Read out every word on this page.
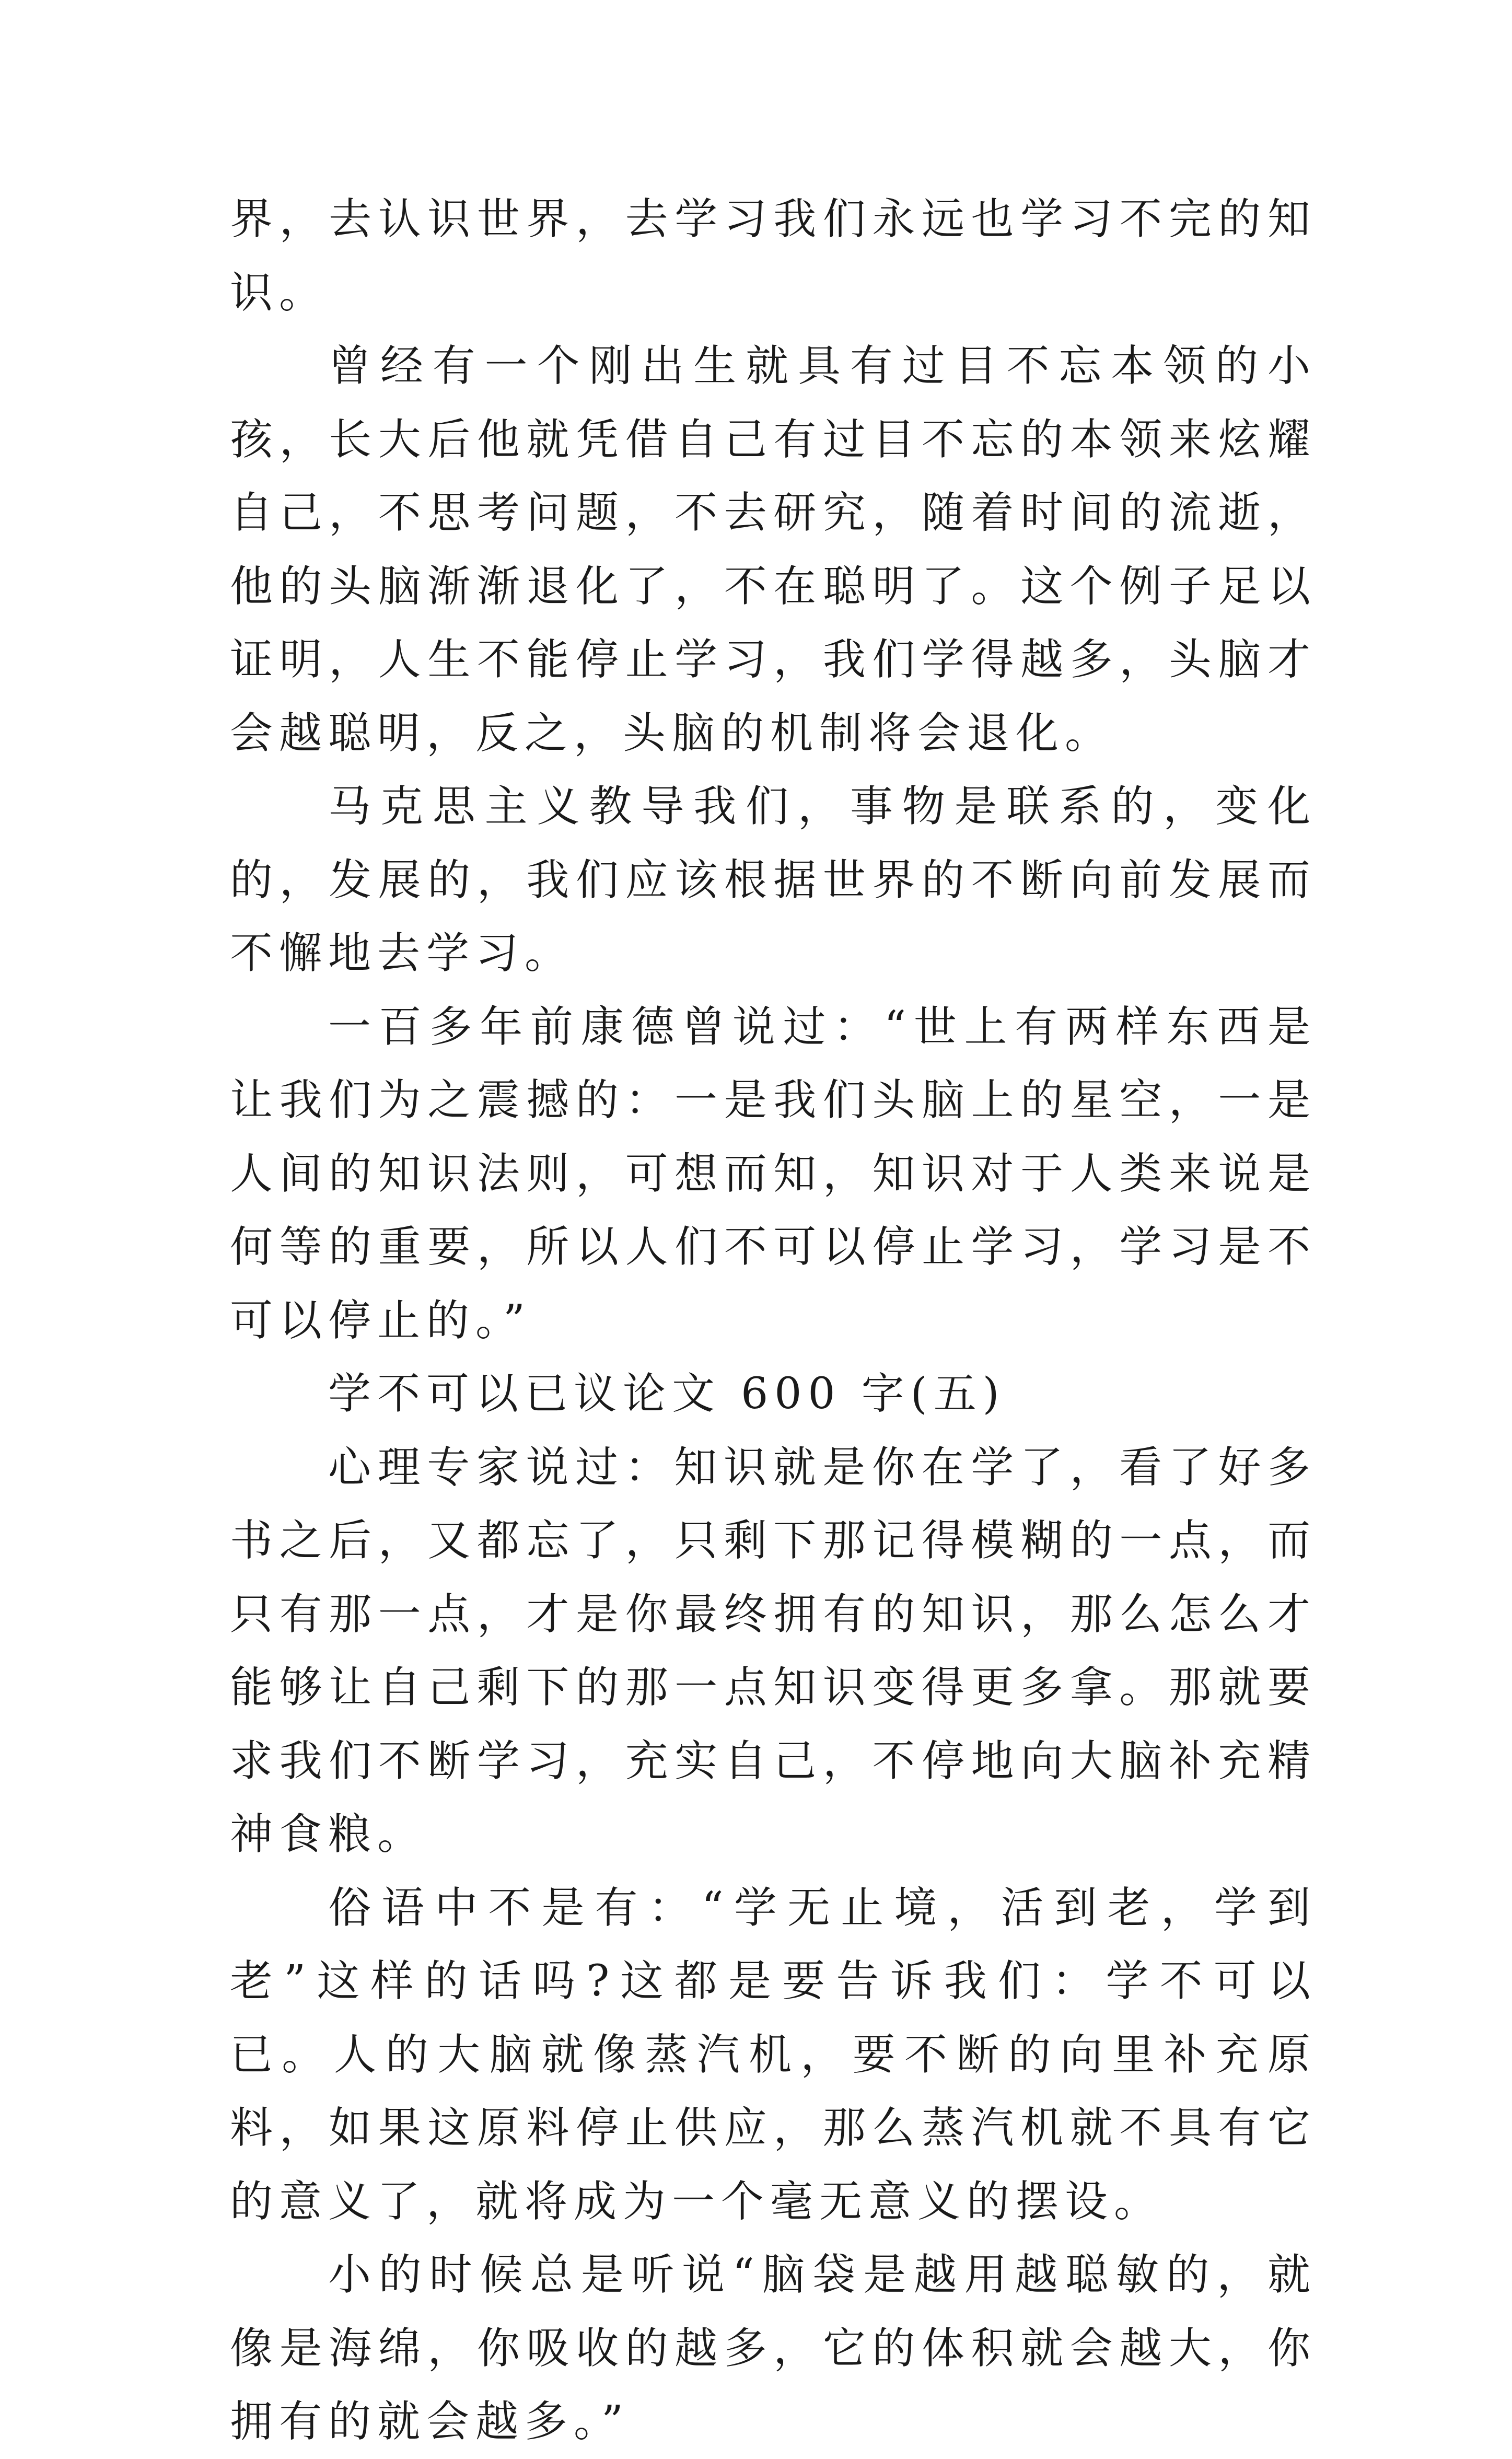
界，去认识世界，去学习我们永远也学习不完的知识。

曾经有一个刚出生就具有过目不忘本领的小孩，长大后他就凭借自己有过目不忘的本领来炫耀自己，不思考问题，不去研究，随着时间的流逝，他的头脑渐渐退化了，不在聪明了。这个例子足以证明，人生不能停止学习，我们学得越多，头脑才会越聪明，反之，头脑的机制将会退化。

马克思主义教导我们，事物是联系的，变化的，发展的，我们应该根据世界的不断向前发展而不懈地去学习。

一百多年前康德曾说过：“世上有两样东西是让我们为之震撼的：一是我们头脑上的星空，一是人间的知识法则，可想而知，知识对于人类来说是何等的重要，所以人们不可以停止学习，学习是不可以停止的。”

学不可以已议论文 600 字(五)

心理专家说过：知识就是你在学了，看了好多书之后，又都忘了，只剩下那记得模糊的一点，而只有那一点，才是你最终拥有的知识，那么怎么才能够让自己剩下的那一点知识变得更多拿。那就要求我们不断学习，充实自己，不停地向大脑补充精神食粮。

俗语中不是有：“学无止境，活到老，学到老”这样的话吗?这都是要告诉我们：学不可以已。人的大脑就像蒸汽机，要不断的向里补充原料，如果这原料停止供应，那么蒸汽机就不具有它的意义了，就将成为一个毫无意义的摆设。

小的时候总是听说“脑袋是越用越聪敏的，就像是海绵，你吸收的越多，它的体积就会越大，你拥有的就会越多。”
